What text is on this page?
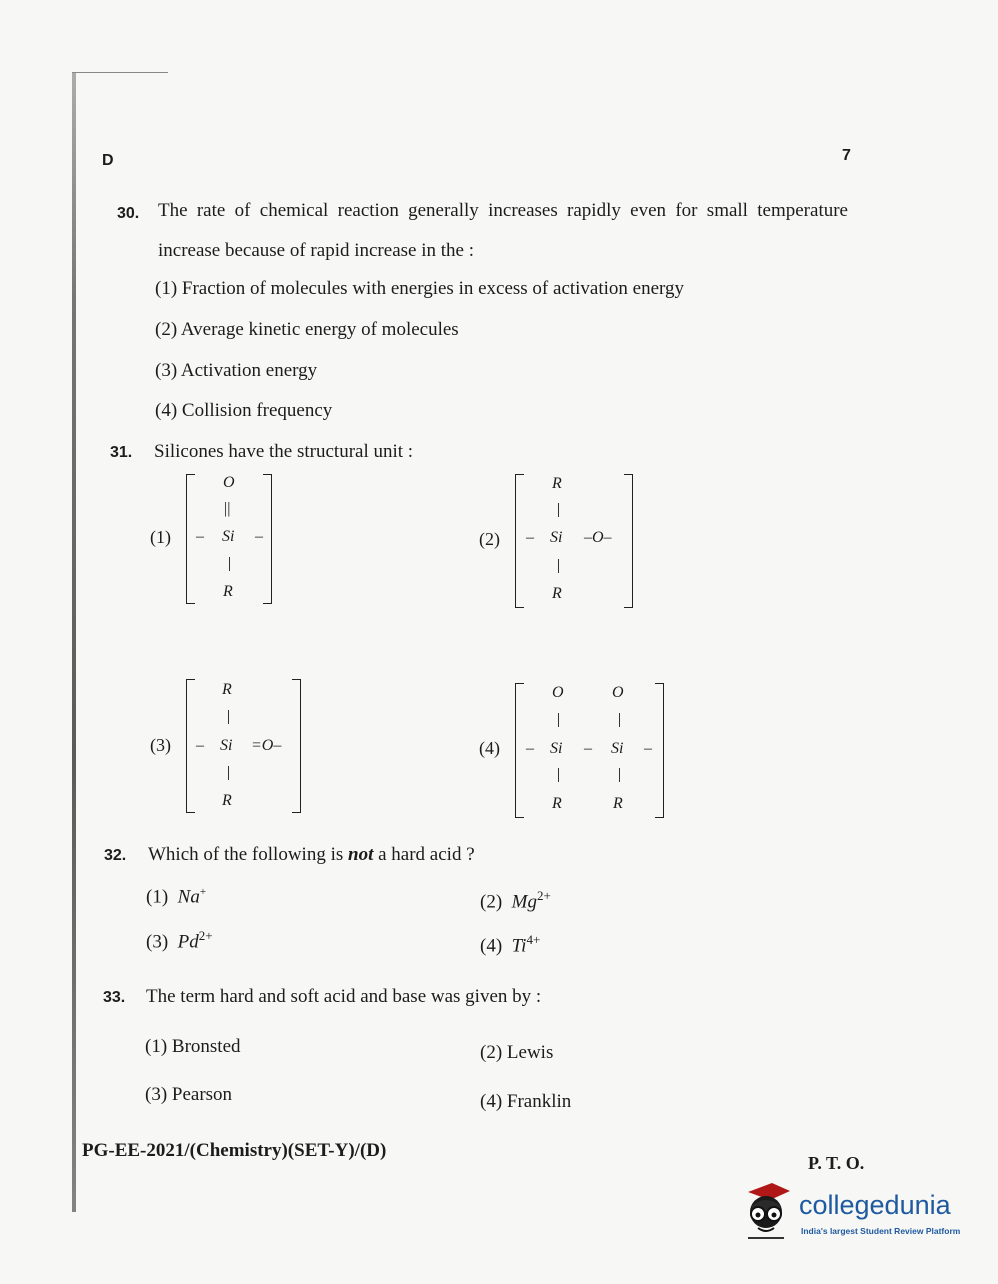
D	7
30. The rate of chemical reaction generally increases rapidly even for small temperature
increase because of rapid increase in the :
(1) Fraction of molecules with energies in excess of activation energy
(2) Average kinetic energy of molecules
(3) Activation energy
(4) Collision frequency
31. Silicones have the structural unit :
(1)
O
||
– Si –
R
(2)
R
– Si –O–
R
(3)
R
– Si =O–
R
(4)
O	O
– Si – Si –
R	R
32. Which of the following is not a hard acid ?
(1) Na+	(2) $Mg^{2+}$
(3) $Pd^{2+}$	(4) $Ti^{4+}$
33. The term hard and soft acid and base was given by :
(1) Bronsted	(2) Lewis
(3) Pearson	(4) Franklin
PG-EE-2021/(Chemistry)(SET-Y)/(D)
P. T. O.
collegedunia
India's largest Student Review Platform
